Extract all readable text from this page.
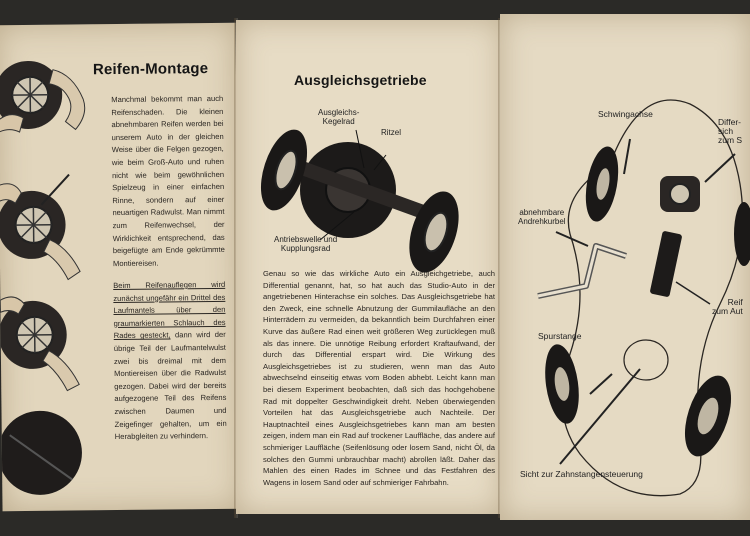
Reifen-Montage
Manchmal bekommt man auch Reifenschaden. Die kleinen abnehmbaren Reifen werden bei unserem Auto in der gleichen Weise über die Felgen gezogen, wie beim Groß-Auto und ruhen nicht wie beim gewöhnlichen Spielzeug in einer einfachen Rinne, sondern auf einer neuartigen Radwulst. Man nimmt zum Reifenwechsel, der Wirklichkeit entsprechend, das beigefügte am Ende gekrümmte Montiereisen.
Beim Reifenauflegen wird zunächst ungefähr ein Drittel des Laufmantels über den graumarkierten Schlauch des Rades gesteckt, dann wird der übrige Teil der Laufmantelwulst zwei bis dreimal mit dem Montiereisen über die Radwulst gezogen. Dabei wird der bereits aufgezogene Teil des Reifens zwischen Daumen und Zeigefinger gehalten, um ein Herabgleiten zu verhindern.
Ausgleichsgetriebe
Ausgleichs-
Kegelrad
Ritzel
Antriebswelle und
Kupplungsrad
Genau so wie das wirkliche Auto ein Ausgleichgetriebe, auch Differential genannt, hat, so hat auch das Studio-Auto in der angetriebenen Hinterachse ein solches. Das Ausgleichsgetriebe hat den Zweck, eine schnelle Abnutzung der Gummilaufläche an den Hinterrädern zu vermeiden, da bekanntlich beim Durchfahren einer Kurve das äußere Rad einen weit größeren Weg zurücklegen muß als das innere. Die unnötige Reibung erfordert Kraftaufwand, der durch das Differential erspart wird. Die Wirkung des Ausgleichsgetriebes ist zu studieren, wenn man das Auto abwechselnd einseitig etwas vom Boden abhebt. Leicht kann man bei diesem Experiment beobachten, daß sich das hochgehobene Rad mit doppelter Geschwindigkeit dreht. Neben überwiegenden Vorteilen hat das Ausgleichsgetriebe auch Nachteile. Der Hauptnachteil eines Ausgleichsgetriebes kann man am besten zeigen, indem man ein Rad auf trockener Lauffläche, das andere auf schmieriger Lauffläche (Seifenlösung oder losem Sand, nicht Öl, da solches den Gummi unbrauchbar macht) abrollen läßt. Daher das Mahlen des einen Rades im Schnee und das Festfahren des Wagens in losem Sand oder auf schmieriger Fahrbahn.
Schwingachse
Differ-
sich
zum S
abnehmbare
Andrehkurbel
Reif
zum Aut
Spurstange
Sicht zur Zahnstangensteuerung
